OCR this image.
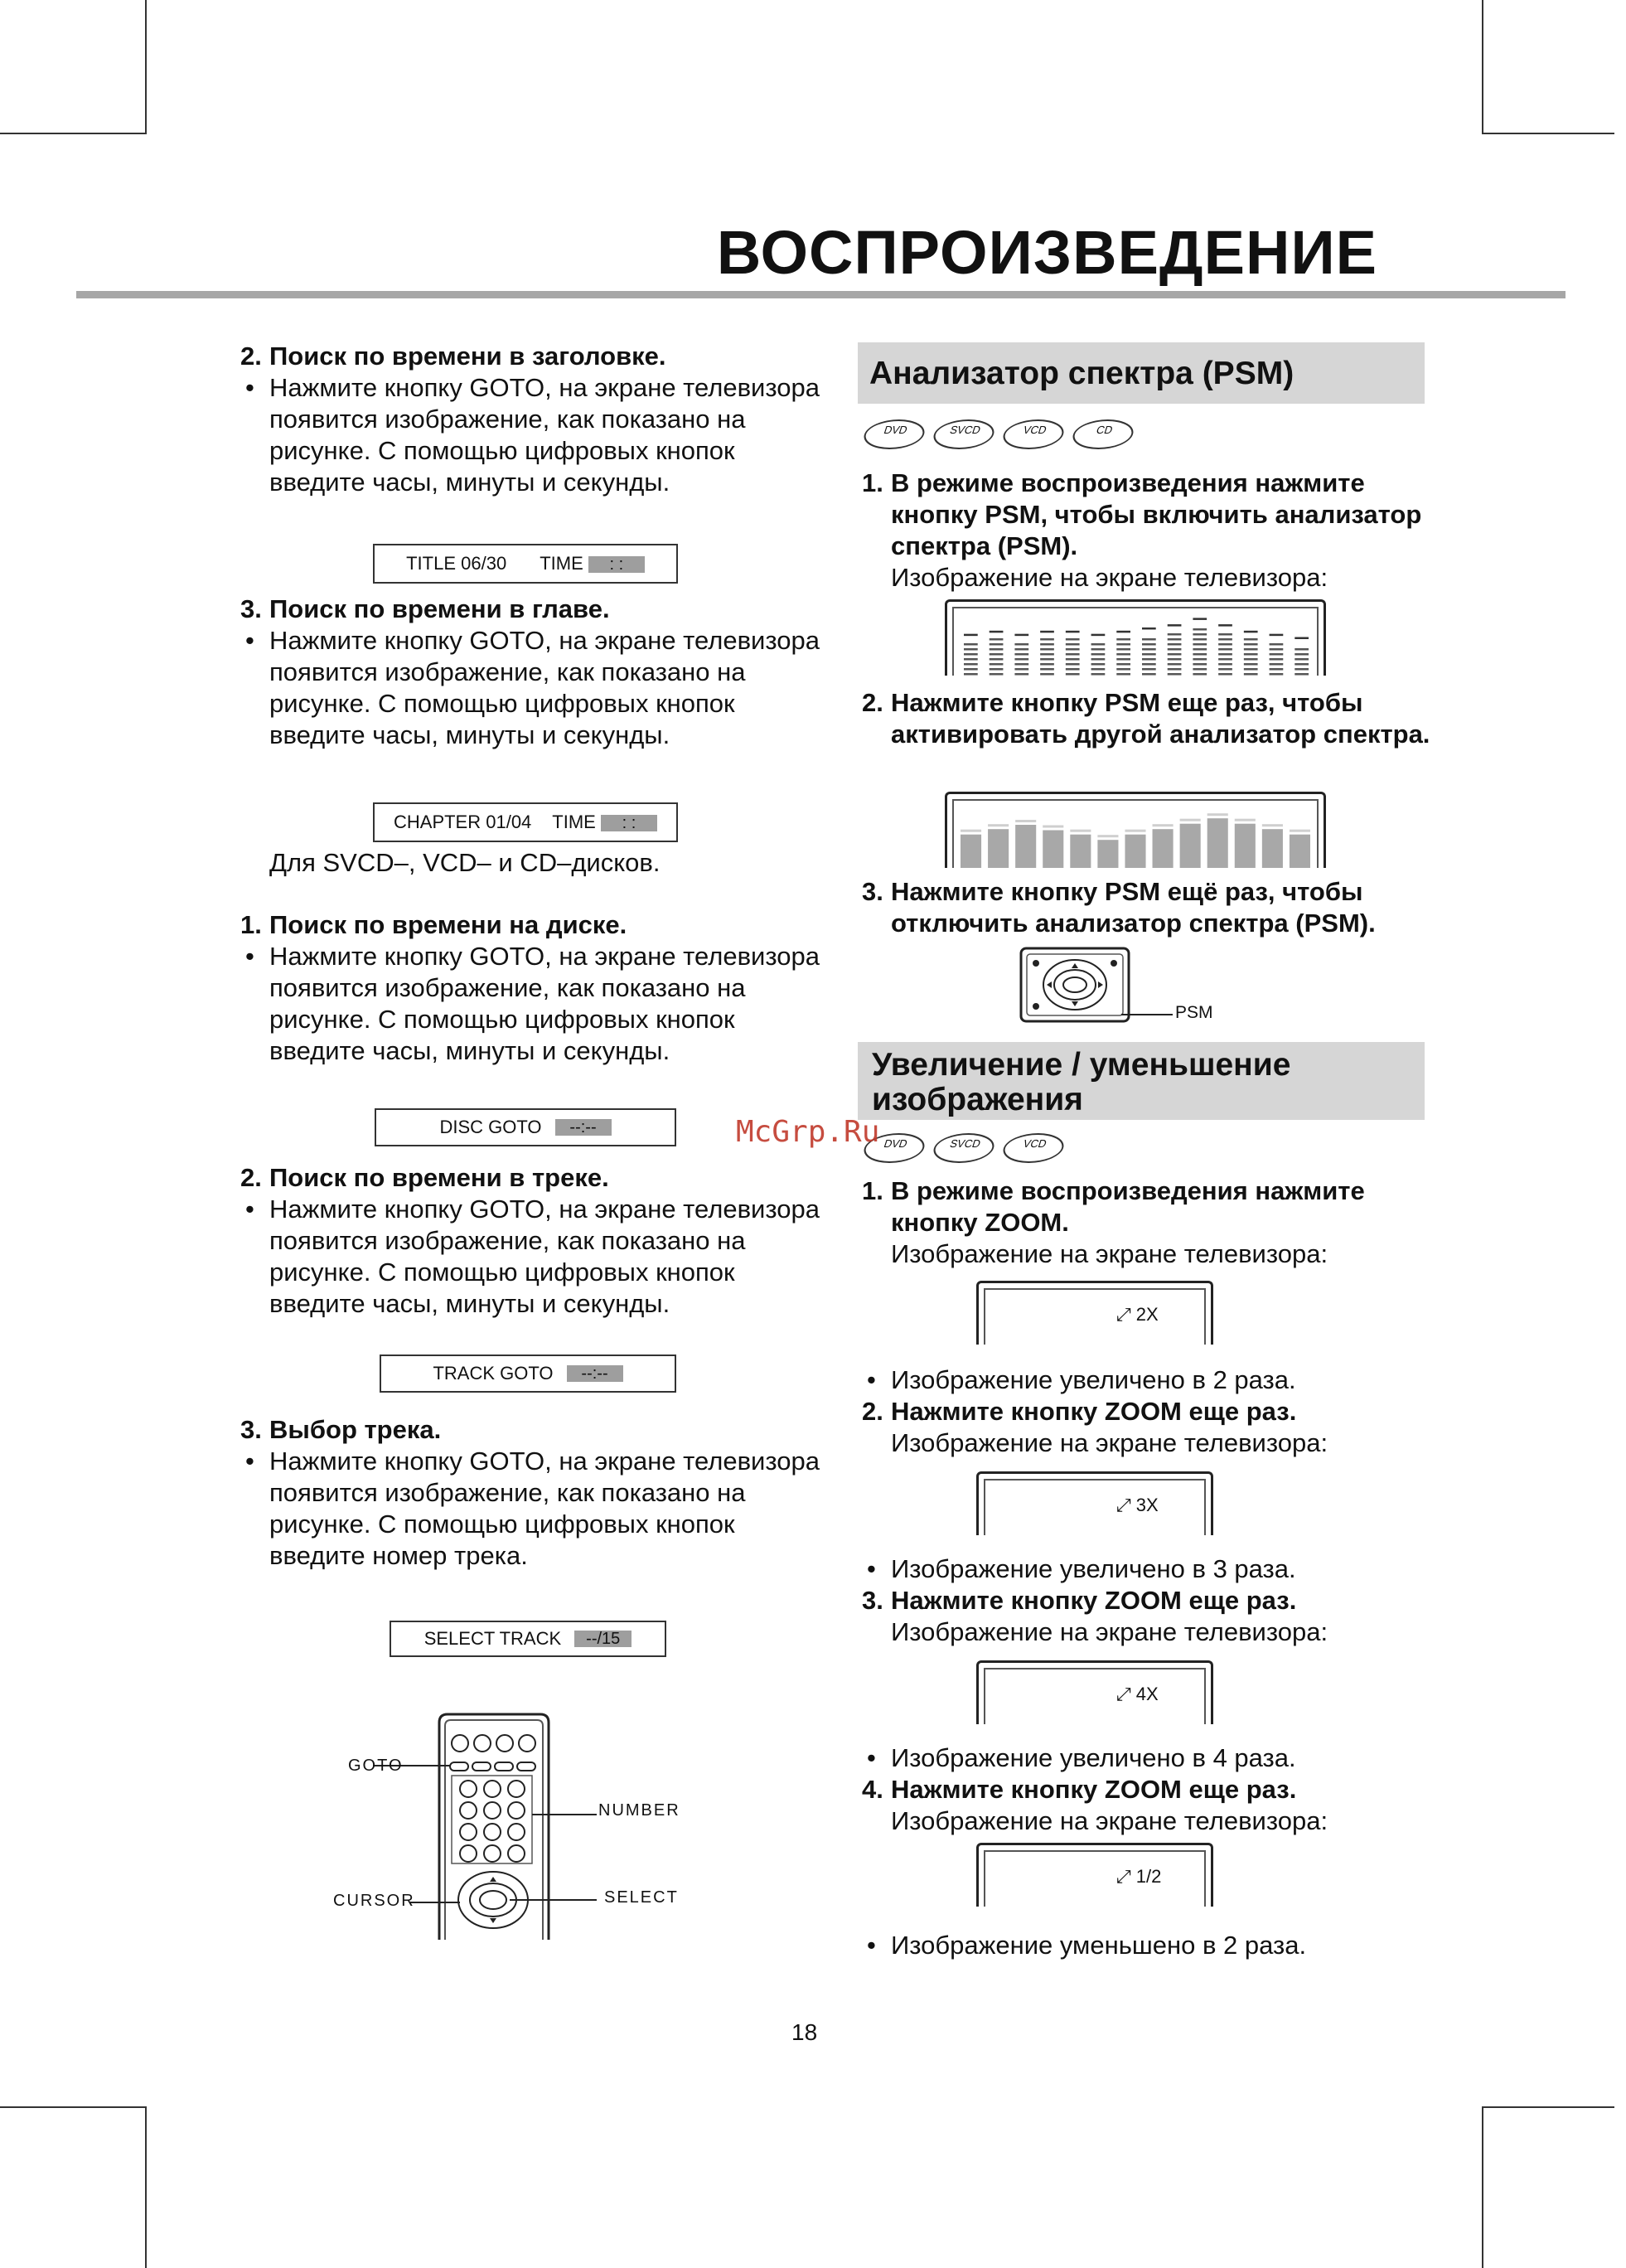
ВОСПРОИЗВЕДЕНИЕ
2. Поиск по времени в заголовке.
• Нажмите кнопку GOTO, на экране телевизора появится изображение, как показано на рисунке. С помощью цифровых кнопок введите часы, минуты и секунды.
TITLE 06/30 TIME : :
3. Поиск по времени в главе.
• Нажмите кнопку GOTO, на экране телевизора появится изображение, как показано на рисунке. С помощью цифровых кнопок введите часы, минуты и секунды.
CHAPTER 01/04 TIME : :
Для SVCD–, VCD– и CD–дисков.
1. Поиск по времени на диске.
• Нажмите кнопку GOTO, на экране телевизора появится изображение, как показано на рисунке. С помощью цифровых кнопок введите часы, минуты и секунды.
DISC GOTO	--:--
2. Поиск по времени в треке.
• Нажмите кнопку GOTO, на экране телевизора появится изображение, как показано на рисунке. С помощью цифровых кнопок введите часы, минуты и секунды.
TRACK GOTO	--:--
3. Выбор трека.
• Нажмите кнопку GOTO, на экране телевизора появится изображение, как показано на рисунке. С помощью цифровых кнопок введите номер трека.
SELECT TRACK	--/15
GOTO
NUMBER
CURSOR	SELECT
Анализатор спектра (PSM)
DVD	SVCD	VCD	CD
1. В режиме воспроизведения нажмите кнопку PSM, чтобы включить анализатор спектра (PSM).
Изображение на экране телевизора:
2. Нажмите кнопку PSM еще раз, чтобы активировать другой анализатор спектра.
3. Нажмите кнопку PSM ещё раз, чтобы отключить анализатор спектра (PSM).
PSM
Увеличение / уменьшение
изображения
DVD	SVCD	VCD
McGrp.Ru
1. В режиме воспроизведения нажмите кнопку ZOOM.
Изображение на экране телевизора:
⤢ 2X
• Изображение увеличено в 2 раза.
2. Нажмите кнопку ZOOM еще раз.
Изображение на экране телевизора:
⤢ 3X
• Изображение увеличено в 3 раза.
3. Нажмите кнопку ZOOM еще раз.
Изображение на экране телевизора:
⤢ 4X
• Изображение увеличено в 4 раза.
4. Нажмите кнопку ZOOM еще раз.
Изображение на экране телевизора:
⤢ 1/2
• Изображение уменьшено в 2 раза.
18
